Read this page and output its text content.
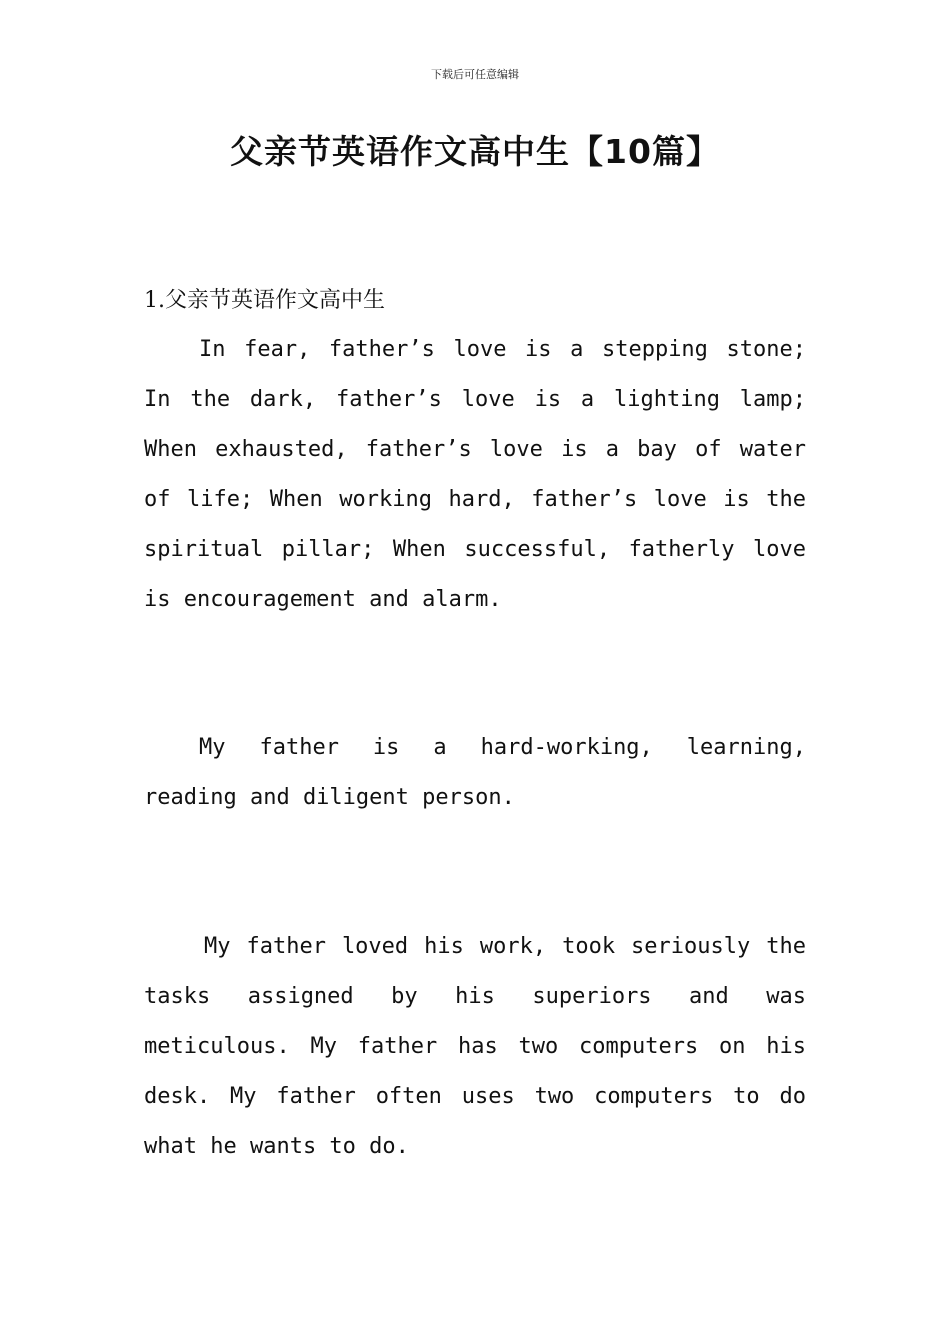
下载后可任意编辑
父亲节英语作文高中生【10篇】
1.父亲节英语作文高中生

In fear, father’s love is a stepping stone; In the dark, father’s love is a lighting lamp; When exhausted, father’s love is a bay of water of life; When working hard, father’s love is the spiritual pillar; When successful, fatherly love is encouragement and alarm.

My father is a hard-working, learning, reading and diligent person.

My father loved his work, took seriously the tasks assigned by his superiors and was meticulous. My father has two computers on his desk. My father often uses two computers to do what he wants to do.
